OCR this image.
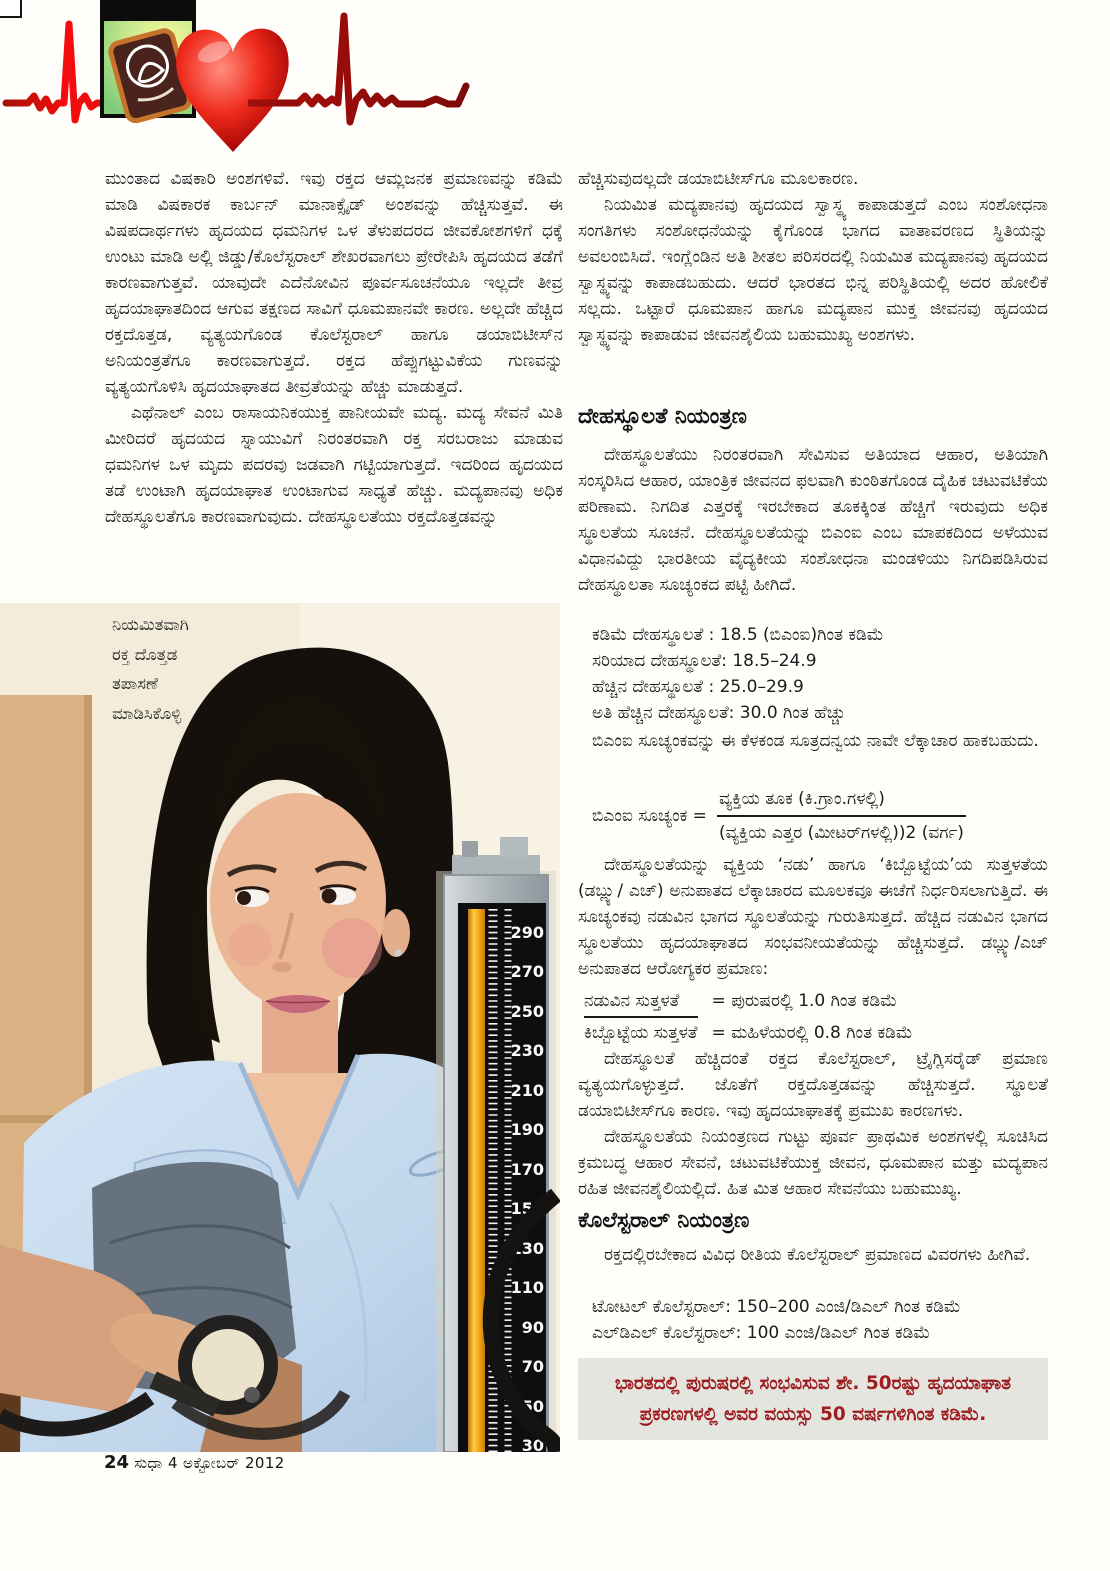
ಮುಂತಾದ ವಿಷಕಾರಿ ಅಂಶಗಳಿವೆ. ಇವು ರಕ್ತದ ಆಮ್ಲಜನಕ ಪ್ರಮಾಣವನ್ನು ಕಡಿಮೆ ಮಾಡಿ ವಿಷಕಾರಕ ಕಾರ್ಬನ್ ಮಾನಾಕ್ಸೈಡ್ ಅಂಶವನ್ನು ಹೆಚ್ಚಿಸುತ್ತವೆ. ಈ ವಿಷಪದಾರ್ಥಗಳು ಹೃದಯದ ಧಮನಿಗಳ ಒಳ ತೆಳುಪದರದ ಜೀವಕೋಶಗಳಿಗೆ ಧಕ್ಕೆ ಉಂಟು ಮಾಡಿ ಅಲ್ಲಿ ಜಿಡ್ಡು/ಕೊಲೆಸ್ಟರಾಲ್ ಶೇಖರವಾಗಲು ಪ್ರೇರೇಪಿಸಿ ಹೃದಯದ ತಡೆಗೆ ಕಾರಣವಾಗುತ್ತವೆ. ಯಾವುದೇ ಎದೆನೋವಿನ ಪೂರ್ವಸೂಚನೆಯೂ ಇಲ್ಲದೇ ತೀವ್ರ ಹೃದಯಾಘಾತದಿಂದ ಆಗುವ ತಕ್ಷಣದ ಸಾವಿಗೆ ಧೂಮಪಾನವೇ ಕಾರಣ. ಅಲ್ಲದೇ ಹೆಚ್ಚಿದ ರಕ್ತದೊತ್ತಡ, ವ್ಯತ್ಯಯಗೊಂಡ ಕೊಲೆಸ್ಟರಾಲ್ ಹಾಗೂ ಡಯಾಬಿಟೀಸ್‌ನ ಅನಿಯಂತ್ರತೆಗೂ ಕಾರಣವಾಗುತ್ತದೆ. ರಕ್ತದ ಹೆಪ್ಪುಗಟ್ಟುವಿಕೆಯ ಗುಣವನ್ನು ವ್ಯತ್ಯಯಗೊಳಿಸಿ ಹೃದಯಾಘಾತದ ತೀವ್ರತೆಯನ್ನು ಹೆಚ್ಚು ಮಾಡುತ್ತದೆ.

ಎಥೆನಾಲ್ ಎಂಬ ರಾಸಾಯನಿಕಯುಕ್ತ ಪಾನೀಯವೇ ಮದ್ಯ. ಮದ್ಯ ಸೇವನೆ ಮಿತಿ ಮೀರಿದರೆ ಹೃದಯದ ಸ್ನಾಯುವಿಗೆ ನಿರಂತರವಾಗಿ ರಕ್ತ ಸರಬರಾಜು ಮಾಡುವ ಧಮನಿಗಳ ಒಳ ಮೃದು ಪದರವು ಜಡವಾಗಿ ಗಟ್ಟಿಯಾಗುತ್ತದೆ. ಇದರಿಂದ ಹೃದಯದ ತಡೆ ಉಂಟಾಗಿ ಹೃದಯಾಘಾತ ಉಂಟಾಗುವ ಸಾಧ್ಯತೆ ಹೆಚ್ಚು. ಮದ್ಯಪಾನವು ಅಧಿಕ ದೇಹಸ್ಥೂಲತೆಗೂ ಕಾರಣವಾಗುವುದು. ದೇಹಸ್ಥೂಲತೆಯು ರಕ್ತದೊತ್ತಡವನ್ನು

290
270
250
230
210
190
170
150
130
110
90
70
50
30
ನಿಯಮಿತವಾಗಿ
ರಕ್ತ ದೊತ್ತಡ
ತಪಾಸಣೆ
ಮಾಡಿಸಿಕೊಳ್ಳಿ

ಹೆಚ್ಚಿಸುವುದಲ್ಲದೇ ಡಯಾಬಿಟೀಸ್‌ಗೂ ಮೂಲಕಾರಣ.

ನಿಯಮಿತ ಮದ್ಯಪಾನವು ಹೃದಯದ ಸ್ವಾಸ್ಥ್ಯ ಕಾಪಾಡುತ್ತದೆ ಎಂಬ ಸಂಶೋಧನಾ ಸಂಗತಿಗಳು ಸಂಶೋಧನೆಯನ್ನು ಕೈಗೊಂಡ ಭಾಗದ ವಾತಾವರಣದ ಸ್ಥಿತಿಯನ್ನು ಅವಲಂಬಿಸಿದೆ. ಇಂಗ್ಲೆಂಡಿನ ಅತಿ ಶೀತಲ ಪರಿಸರದಲ್ಲಿ ನಿಯಮಿತ ಮದ್ಯಪಾನವು ಹೃದಯದ ಸ್ವಾಸ್ಥ್ಯವನ್ನು ಕಾಪಾಡಬಹುದು. ಆದರೆ ಭಾರತದ ಭಿನ್ನ ಪರಿಸ್ಥಿತಿಯಲ್ಲಿ ಅದರ ಹೋಲಿಕೆ ಸಲ್ಲದು. ಒಟ್ಟಾರೆ ಧೂಮಪಾನ ಹಾಗೂ ಮದ್ಯಪಾನ ಮುಕ್ತ ಜೀವನವು ಹೃದಯದ ಸ್ವಾಸ್ಥ್ಯವನ್ನು ಕಾಪಾಡುವ ಜೀವನಶೈಲಿಯ ಬಹುಮುಖ್ಯ ಅಂಶಗಳು.

ದೇಹಸ್ಥೂಲತೆ ನಿಯಂತ್ರಣ

ದೇಹಸ್ಥೂಲತೆಯು ನಿರಂತರವಾಗಿ ಸೇವಿಸುವ ಅತಿಯಾದ ಆಹಾರ, ಅತಿಯಾಗಿ ಸಂಸ್ಕರಿಸಿದ ಆಹಾರ, ಯಾಂತ್ರಿಕ ಜೀವನದ ಫಲವಾಗಿ ಕುಂಠಿತಗೊಂಡ ದೈಹಿಕ ಚಟುವಟಿಕೆಯ ಪರಿಣಾಮ. ನಿಗದಿತ ಎತ್ತರಕ್ಕೆ ಇರಬೇಕಾದ ತೂಕಕ್ಕಿಂತ ಹೆಚ್ಚಿಗೆ ಇರುವುದು ಅಧಿಕ ಸ್ಥೂಲತೆಯ ಸೂಚನೆ. ದೇಹಸ್ಥೂಲತೆಯನ್ನು ಬಿಎಂಐ ಎಂಬ ಮಾಪಕದಿಂದ ಅಳೆಯುವ ವಿಧಾನವಿದ್ದು ಭಾರತೀಯ ವೈದ್ಯಕೀಯ ಸಂಶೋಧನಾ ಮಂಡಳಿಯು ನಿಗದಿಪಡಿಸಿರುವ ದೇಹಸ್ಥೂಲತಾ ಸೂಚ್ಯಂಕದ ಪಟ್ಟಿ ಹೀಗಿದೆ.

ಕಡಿಮೆ ದೇಹಸ್ಥೂಲತೆ : 18.5 (ಬಿಎಂಐ)ಗಿಂತ ಕಡಿಮೆ
ಸರಿಯಾದ ದೇಹಸ್ಥೂಲತೆ: 18.5–24.9
ಹೆಚ್ಚಿನ ದೇಹಸ್ಥೂಲತೆ : 25.0–29.9
ಅತಿ ಹೆಚ್ಚಿನ ದೇಹಸ್ಥೂಲತೆ: 30.0 ಗಿಂತ ಹೆಚ್ಚು
ಬಿಎಂಐ ಸೂಚ್ಯಂಕವನ್ನು ಈ ಕೆಳಕಂಡ ಸೂತ್ರದನ್ವಯ ನಾವೇ ಲೆಕ್ಕಾಚಾರ ಹಾಕಬಹುದು.
ಬಿಎಂಐ ಸೂಚ್ಯಂಕ = $\frac{\text{ವ್ಯಕ್ತಿಯ ತೂಕ (ಕಿ.ಗ್ರಾಂ.ಗಳಲ್ಲಿ)}}{\text{(ವ್ಯಕ್ತಿಯ ಎತ್ತರ (ಮೀಟರ್‌ಗಳಲ್ಲಿ))2 (ವರ್ಗ)}}$

ದೇಹಸ್ಥೂಲತೆಯನ್ನು ವ್ಯಕ್ತಿಯ ‘ನಡು’ ಹಾಗೂ ‘ಕಿಬ್ಬೊಟ್ಟೆಯ’ಯ ಸುತ್ತಳತೆಯ (ಡಬ್ಲ್ಯು/ ಎಚ್) ಅನುಪಾತದ ಲೆಕ್ಕಾಚಾರದ ಮೂಲಕವೂ ಈಚೆಗೆ ನಿರ್ಧರಿಸಲಾಗುತ್ತಿದೆ. ಈ ಸೂಚ್ಯಂಕವು ನಡುವಿನ ಭಾಗದ ಸ್ಥೂಲತೆಯನ್ನು ಗುರುತಿಸುತ್ತದೆ. ಹೆಚ್ಚಿದ ನಡುವಿನ ಭಾಗದ ಸ್ಥೂಲತೆಯು ಹೃದಯಾಘಾತದ ಸಂಭವನೀಯತೆಯನ್ನು ಹೆಚ್ಚಿಸುತ್ತದೆ. ಡಬ್ಲ್ಯು/ಎಚ್ ಅನುಪಾತದ ಆರೋಗ್ಯಕರ ಪ್ರಮಾಣ:

ನಡುವಿನ ಸುತ್ತಳತೆ	= ಪುರುಷರಲ್ಲಿ 1.0 ಗಿಂತ ಕಡಿಮೆ
ಕಿಬ್ಬೊಟ್ಟೆಯ ಸುತ್ತಳತೆ = ಮಹಿಳೆಯರಲ್ಲಿ 0.8 ಗಿಂತ ಕಡಿಮೆ

ದೇಹಸ್ಥೂಲತೆ ಹೆಚ್ಚಿದಂತೆ ರಕ್ತದ ಕೊಲೆಸ್ಟರಾಲ್, ಟ್ರೈಗ್ಲಿಸರೈಡ್ ಪ್ರಮಾಣ ವ್ಯತ್ಯಯಗೊಳ್ಳುತ್ತದೆ. ಜೊತೆಗೆ ರಕ್ತದೊತ್ತಡವನ್ನು ಹೆಚ್ಚಿಸುತ್ತದೆ. ಸ್ಥೂಲತೆ ಡಯಾಬಿಟೀಸ್‌ಗೂ ಕಾರಣ. ಇವು ಹೃದಯಾಘಾತಕ್ಕೆ ಪ್ರಮುಖ ಕಾರಣಗಳು.

ದೇಹಸ್ಥೂಲತೆಯ ನಿಯಂತ್ರಣದ ಗುಟ್ಟು ಪೂರ್ವ ಪ್ರಾಥಮಿಕ ಅಂಶಗಳಲ್ಲಿ ಸೂಚಿಸಿದ ಕ್ರಮಬದ್ಧ ಆಹಾರ ಸೇವನೆ, ಚಟುವಟಿಕೆಯುಕ್ತ ಜೀವನ, ಧೂಮಪಾನ ಮತ್ತು ಮದ್ಯಪಾನ ರಹಿತ ಜೀವನಶೈಲಿಯಲ್ಲಿದೆ. ಹಿತ ಮಿತ ಆಹಾರ ಸೇವನೆಯು ಬಹುಮುಖ್ಯ.

ಕೊಲೆಸ್ಟರಾಲ್ ನಿಯಂತ್ರಣ

ರಕ್ತದಲ್ಲಿರಬೇಕಾದ ವಿವಿಧ ರೀತಿಯ ಕೊಲೆಸ್ಟರಾಲ್ ಪ್ರಮಾಣದ ವಿವರಗಳು ಹೀಗಿವೆ.

ಟೋಟಲ್ ಕೊಲೆಸ್ಟರಾಲ್: 150–200 ಎಂಜಿ/ಡಿಎಲ್ ಗಿಂತ ಕಡಿಮೆ
ಎಲ್‌ಡಿಎಲ್ ಕೊಲೆಸ್ಟರಾಲ್: 100 ಎಂಜಿ/ಡಿಎಲ್ ಗಿಂತ ಕಡಿಮೆ
ಭಾರತದಲ್ಲಿ ಪುರುಷರಲ್ಲಿ ಸಂಭವಿಸುವ ಶೇ. 50ರಷ್ಟು ಹೃದಯಾಘಾತ
ಪ್ರಕರಣಗಳಲ್ಲಿ ಅವರ ವಯಸ್ಸು 50 ವರ್ಷಗಳಿಗಿಂತ ಕಡಿಮೆ.
24 ಸುಧಾ 4 ಅಕ್ಟೋಬರ್ 2012
